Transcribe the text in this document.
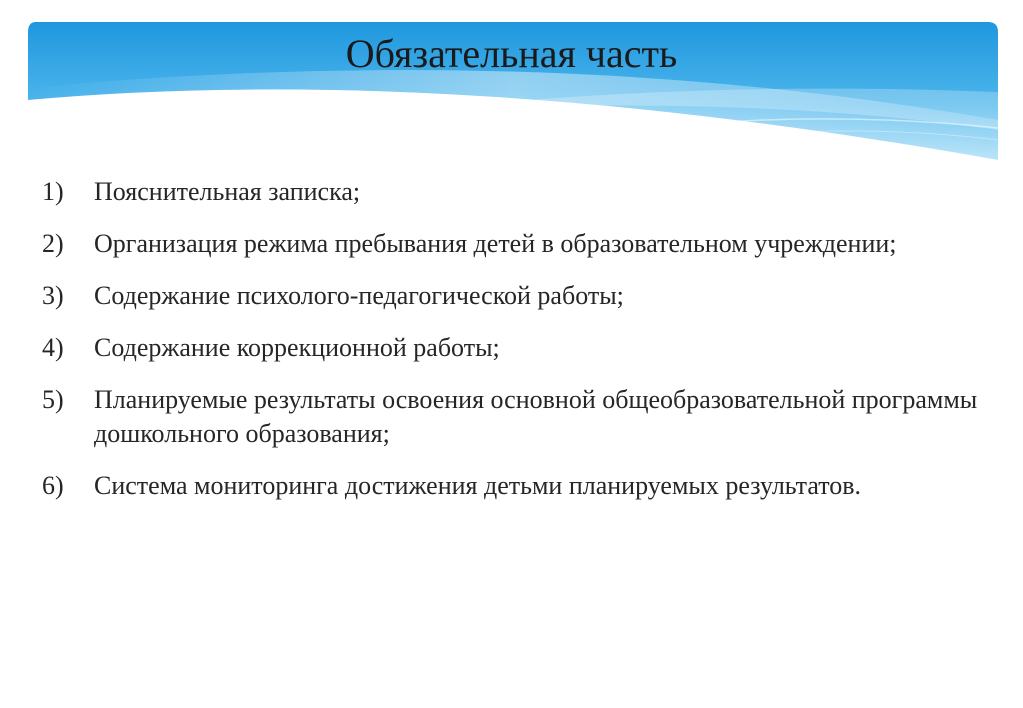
Обязательная часть
1)	Пояснительная записка;
2)	Организация режима пребывания детей в образовательном учреждении;
3)	Содержание психолого-педагогической работы;
4)	Содержание коррекционной работы;
5)	Планируемые результаты освоения основной общеобразовательной программы дошкольного образования;
6)	Система мониторинга достижения детьми планируемых результатов.
